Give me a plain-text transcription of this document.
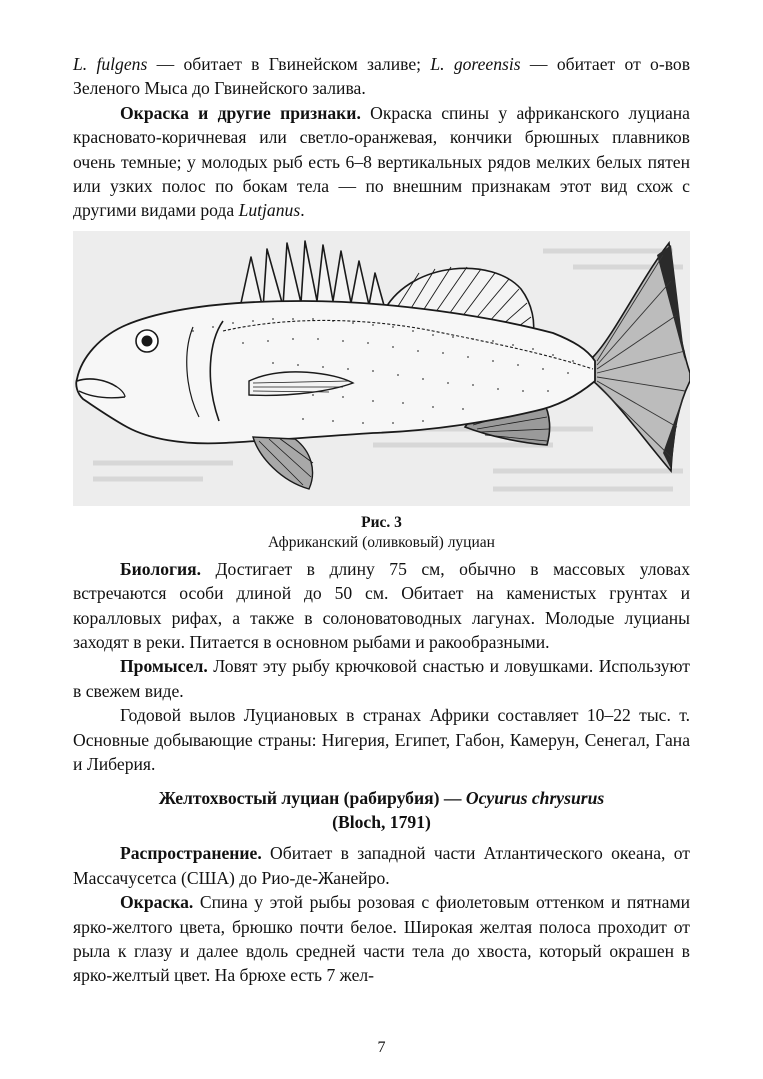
L. fulgens — обитает в Гвинейском заливе; L. goreensis — обитает от о-вов Зеленого Мыса до Гвинейского залива.

Окраска и другие признаки. Окраска спины у африканского луциана красновато-коричневая или светло-оранжевая, кончики брюшных плавников очень темные; у молодых рыб есть 6–8 вертикальных рядов мелких белых пятен или узких полос по бокам тела — по внешним признакам этот вид схож с другими видами рода Lutjanus.

Рис. 3
Африканский (оливковый) луциан

Биология. Достигает в длину 75 см, обычно в массовых уловах встречаются особи длиной до 50 см. Обитает на каменистых грунтах и коралловых рифах, а также в солоноватоводных лагунах. Молодые луцианы заходят в реки. Питается в основном рыбами и ракообразными.

Промысел. Ловят эту рыбу крючковой снастью и ловушками. Используют в свежем виде.

Годовой вылов Луциановых в странах Африки составляет 10–22 тыс. т. Основные добывающие страны: Нигерия, Египет, Габон, Камерун, Сенегал, Гана и Либерия.

Желтохвостый луциан (рабирубия) — Ocyurus chrysurus
(Bloch, 1791)

Распространение. Обитает в западной части Атлантического океана, от Массачусетса (США) до Рио-де-Жанейро.

Окраска. Спина у этой рыбы розовая с фиолетовым оттенком и пятнами ярко-желтого цвета, брюшко почти белое. Широкая желтая полоса проходит от рыла к глазу и далее вдоль средней части тела до хвоста, который окрашен в ярко-желтый цвет. На брюхе есть 7 жел-

7
